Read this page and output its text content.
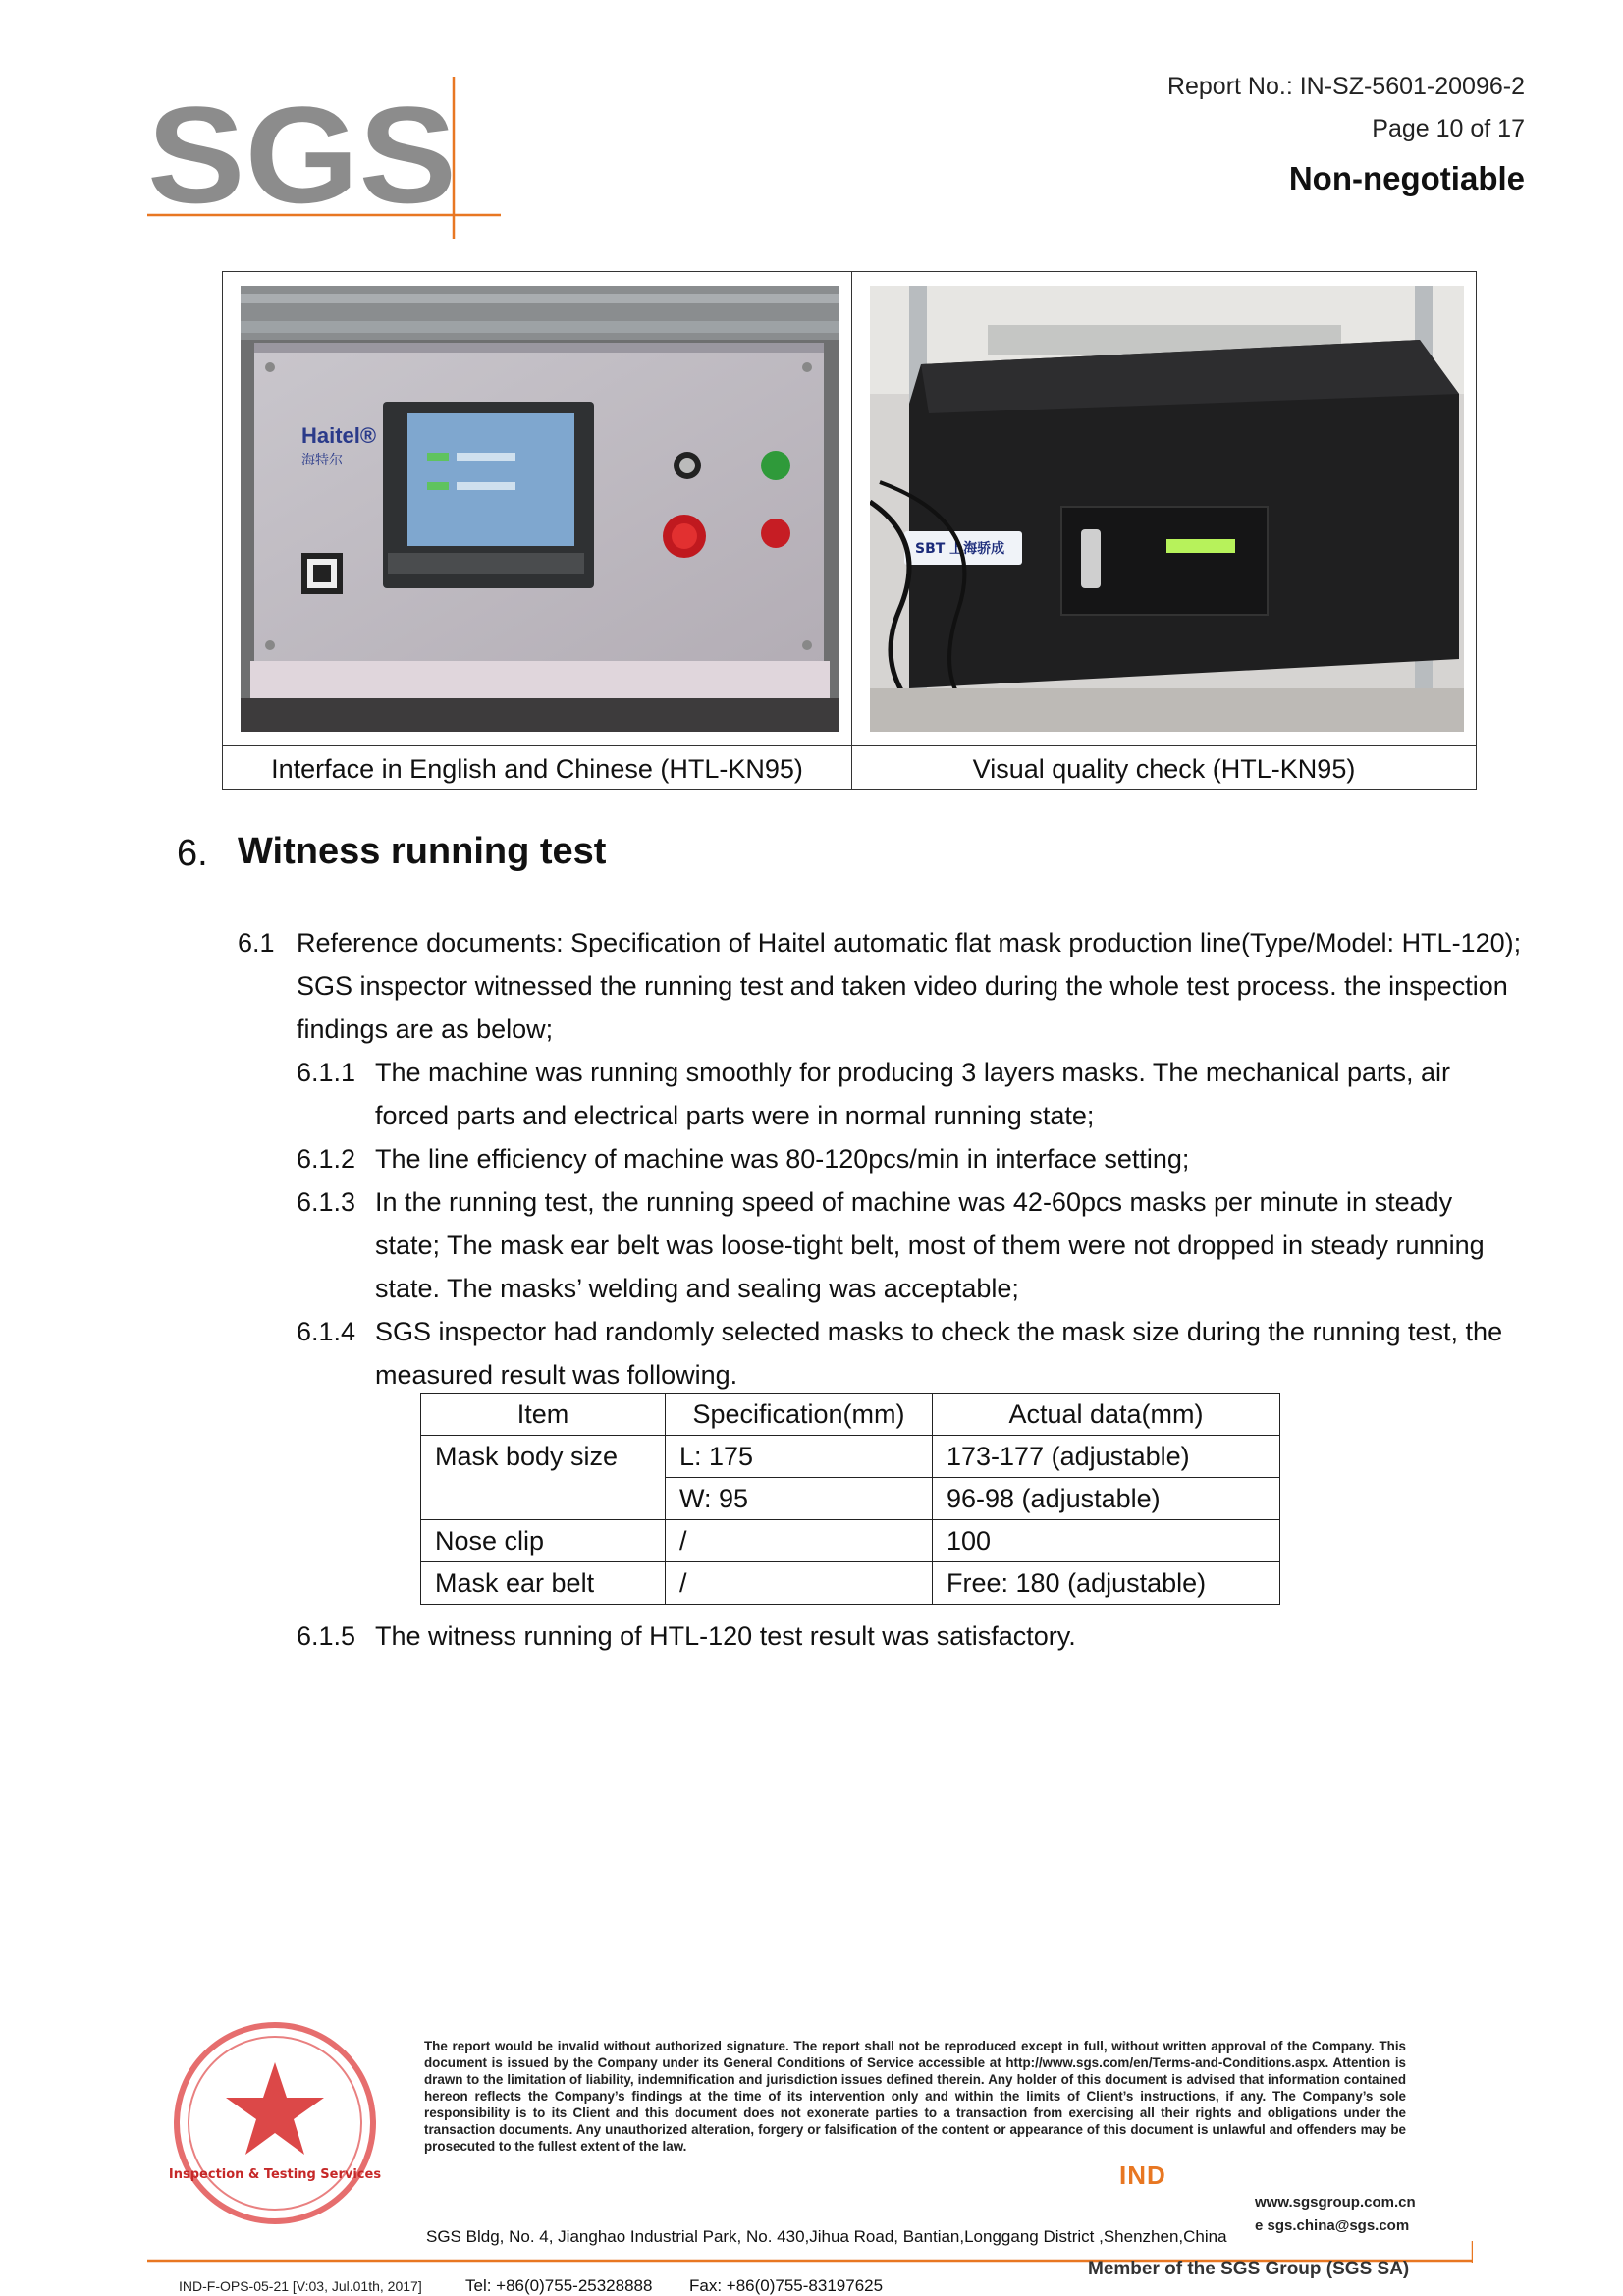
SGS	Report No.: IN-SZ-5601-20096-2
Page 10 of 17
Non-negotiable
Haitel®
海特尔
SBT 上海骄成
Interface in English and Chinese (HTL-KN95)	Visual quality check (HTL-KN95)
6. Witness running test
6.1 Reference documents: Specification of Haitel automatic flat mask production line(Type/Model: HTL-120); SGS inspector witnessed the running test and taken video during the whole test process. the inspection findings are as below;
6.1.1 The machine was running smoothly for producing 3 layers masks. The mechanical parts, air forced parts and electrical parts were in normal running state;
6.1.2 The line efficiency of machine was 80-120pcs/min in interface setting;
6.1.3 In the running test, the running speed of machine was 42-60pcs masks per minute in steady state; The mask ear belt was loose-tight belt, most of them were not dropped in steady running state. The masks’ welding and sealing was acceptable;
6.1.4 SGS inspector had randomly selected masks to check the mask size during the running test, the measured result was following.
Item	Specification(mm)	Actual data(mm)
Mask body size	L: 175	173-177 (adjustable)
	W: 95	96-98 (adjustable)
Nose clip	/	100
Mask ear belt	/	Free: 180 (adjustable)
6.1.5 The witness running of HTL-120 test result was satisfactory.
Inspection & Testing Services
The report would be invalid without authorized signature. The report shall not be reproduced except in full, without written approval of the Company. This document is issued by the Company under its General Conditions of Service accessible at http://www.sgs.com/en/Terms-and-Conditions.aspx. Attention is drawn to the limitation of liability, indemnification and jurisdiction issues defined therein. Any holder of this document is advised that information contained hereon reflects the Company’s findings at the time of its intervention only and within the limits of Client’s instructions, if any. The Company’s sole responsibility is to its Client and this document does not exonerate parties to a transaction from exercising all their rights and obligations under the transaction documents. Any unauthorized alteration, forgery or falsification of the content or appearance of this document is unlawful and offenders may be prosecuted to the fullest extent of the law.
IND
www.sgsgroup.com.cn
e sgs.china@sgs.com
SGS Bldg, No. 4, Jianghao Industrial Park, No. 430,Jihua Road, Bantian,Longgang District ,Shenzhen,China
Member of the SGS Group (SGS SA)
IND-F-OPS-05-21 [V:03, Jul.01th, 2017]	Tel: +86(0)755-25328888 Fax: +86(0)755-83197625
